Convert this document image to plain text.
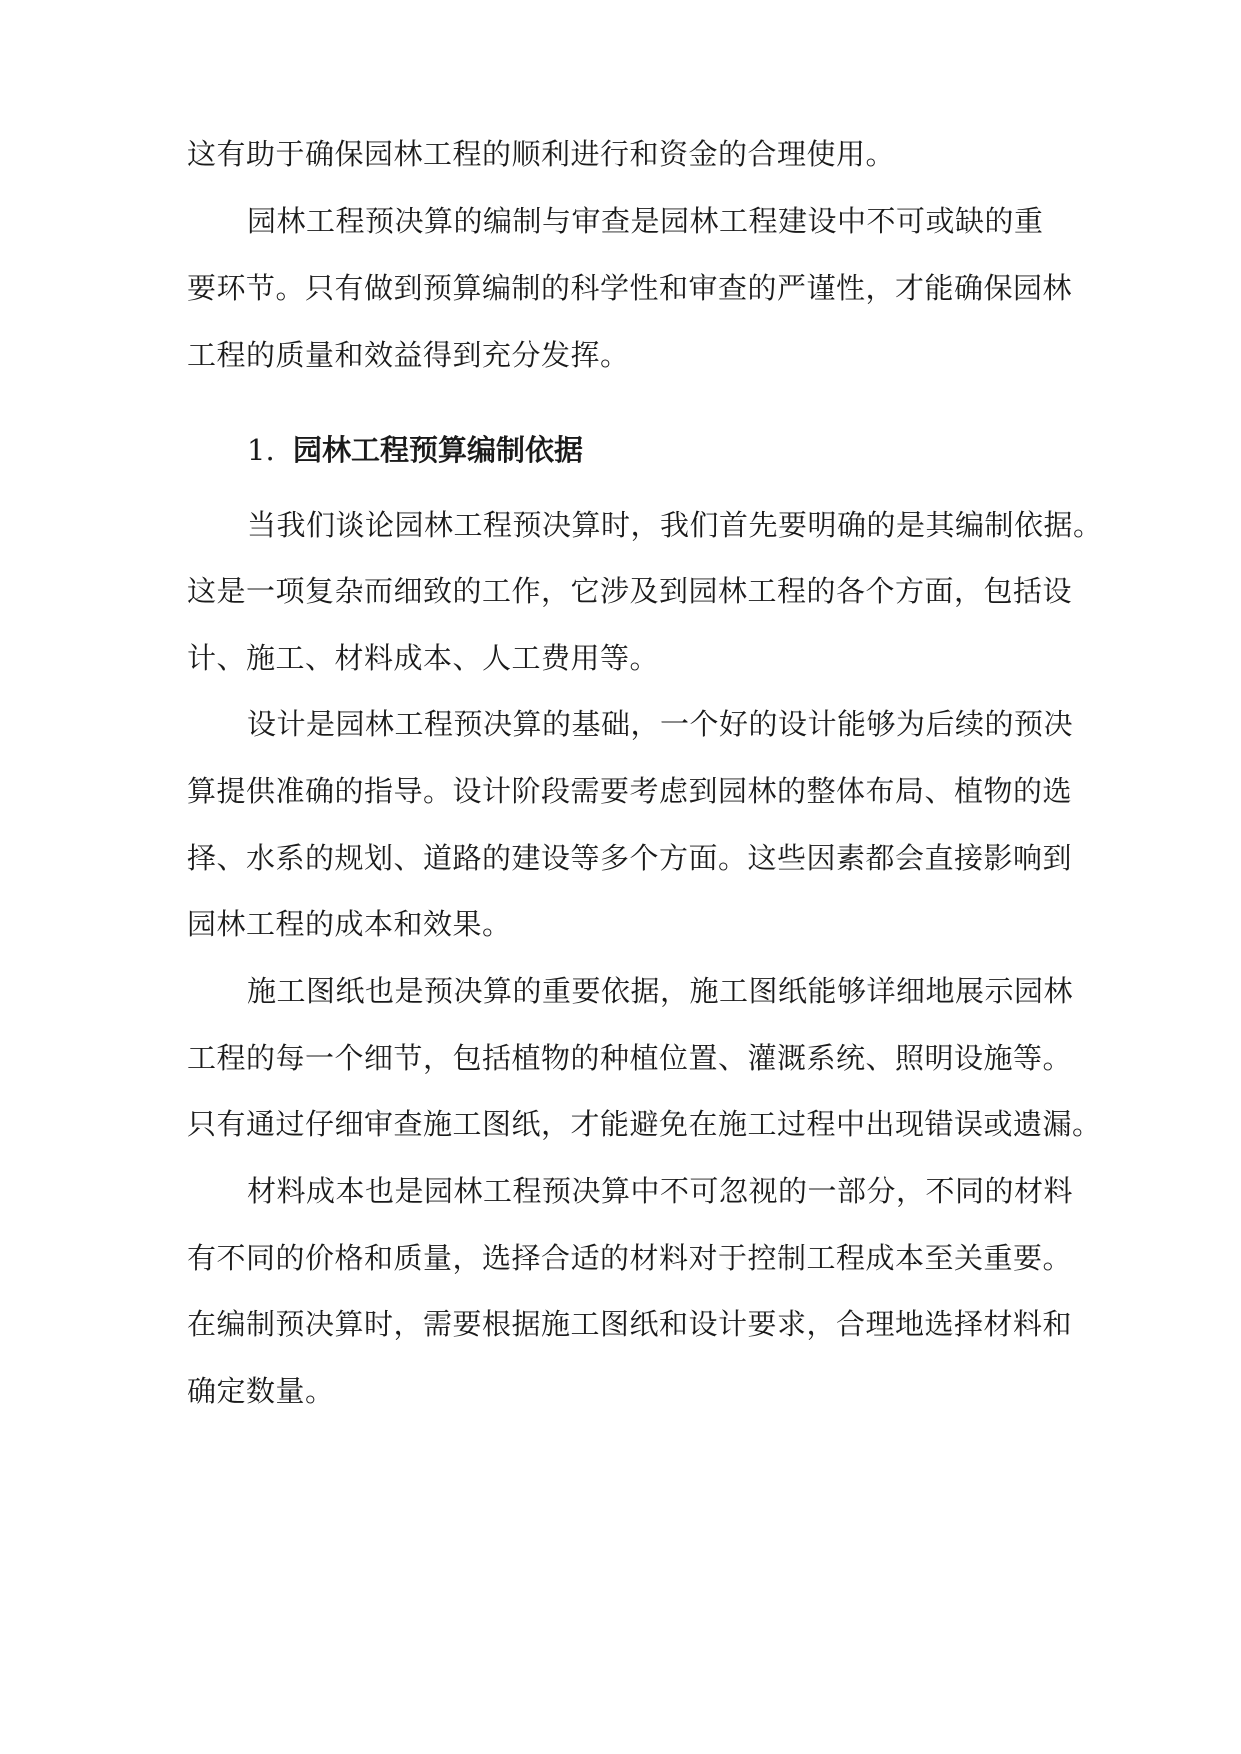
这有助于确保园林工程的顺利进行和资金的合理使用。
园林工程预决算的编制与审查是园林工程建设中不可或缺的重
要环节。只有做到预算编制的科学性和审查的严谨性，才能确保园林
工程的质量和效益得到充分发挥。
1. 园林工程预算编制依据
当我们谈论园林工程预决算时，我们首先要明确的是其编制依据。
这是一项复杂而细致的工作，它涉及到园林工程的各个方面，包括设
计、施工、材料成本、人工费用等。
设计是园林工程预决算的基础，一个好的设计能够为后续的预决
算提供准确的指导。设计阶段需要考虑到园林的整体布局、植物的选
择、水系的规划、道路的建设等多个方面。这些因素都会直接影响到
园林工程的成本和效果。
施工图纸也是预决算的重要依据，施工图纸能够详细地展示园林
工程的每一个细节，包括植物的种植位置、灌溉系统、照明设施等。
只有通过仔细审查施工图纸，才能避免在施工过程中出现错误或遗漏。
材料成本也是园林工程预决算中不可忽视的一部分，不同的材料
有不同的价格和质量，选择合适的材料对于控制工程成本至关重要。
在编制预决算时，需要根据施工图纸和设计要求，合理地选择材料和
确定数量。
